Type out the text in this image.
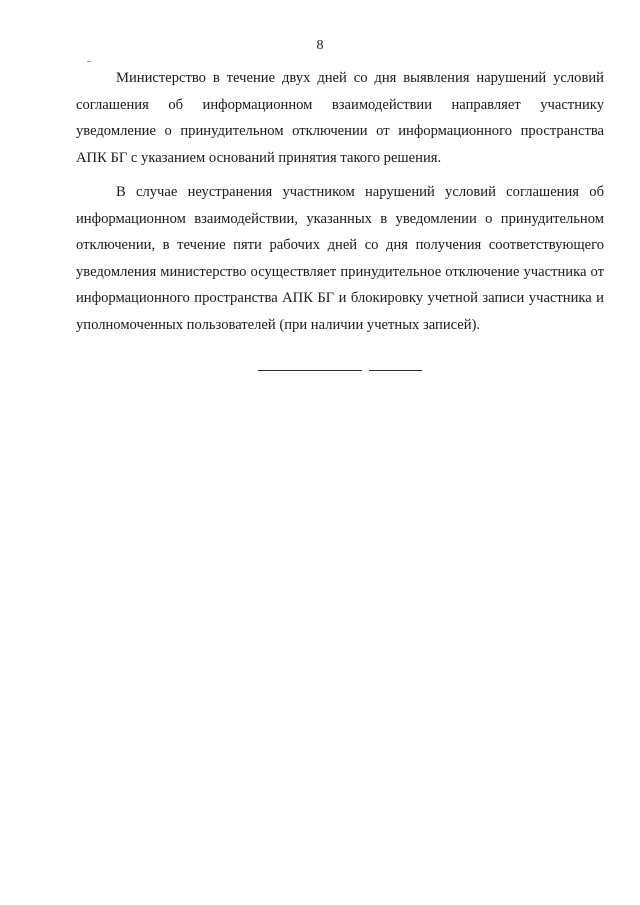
8

Министерство в течение двух дней со дня выявления нарушений условий соглашения об информационном взаимодействии направляет участнику уведомление о принудительном отключении от информационного пространства АПК БГ с указанием оснований принятия такого решения.

В случае неустранения участником нарушений условий соглашения об информационном взаимодействии, указанных в уведомлении о принудительном отключении, в течение пяти рабочих дней со дня получения соответствующего уведомления министерство осуществляет принудительное отключение участника от информационного пространства АПК БГ и блокировку учетной записи участника и уполномоченных пользователей (при наличии учетных записей).
